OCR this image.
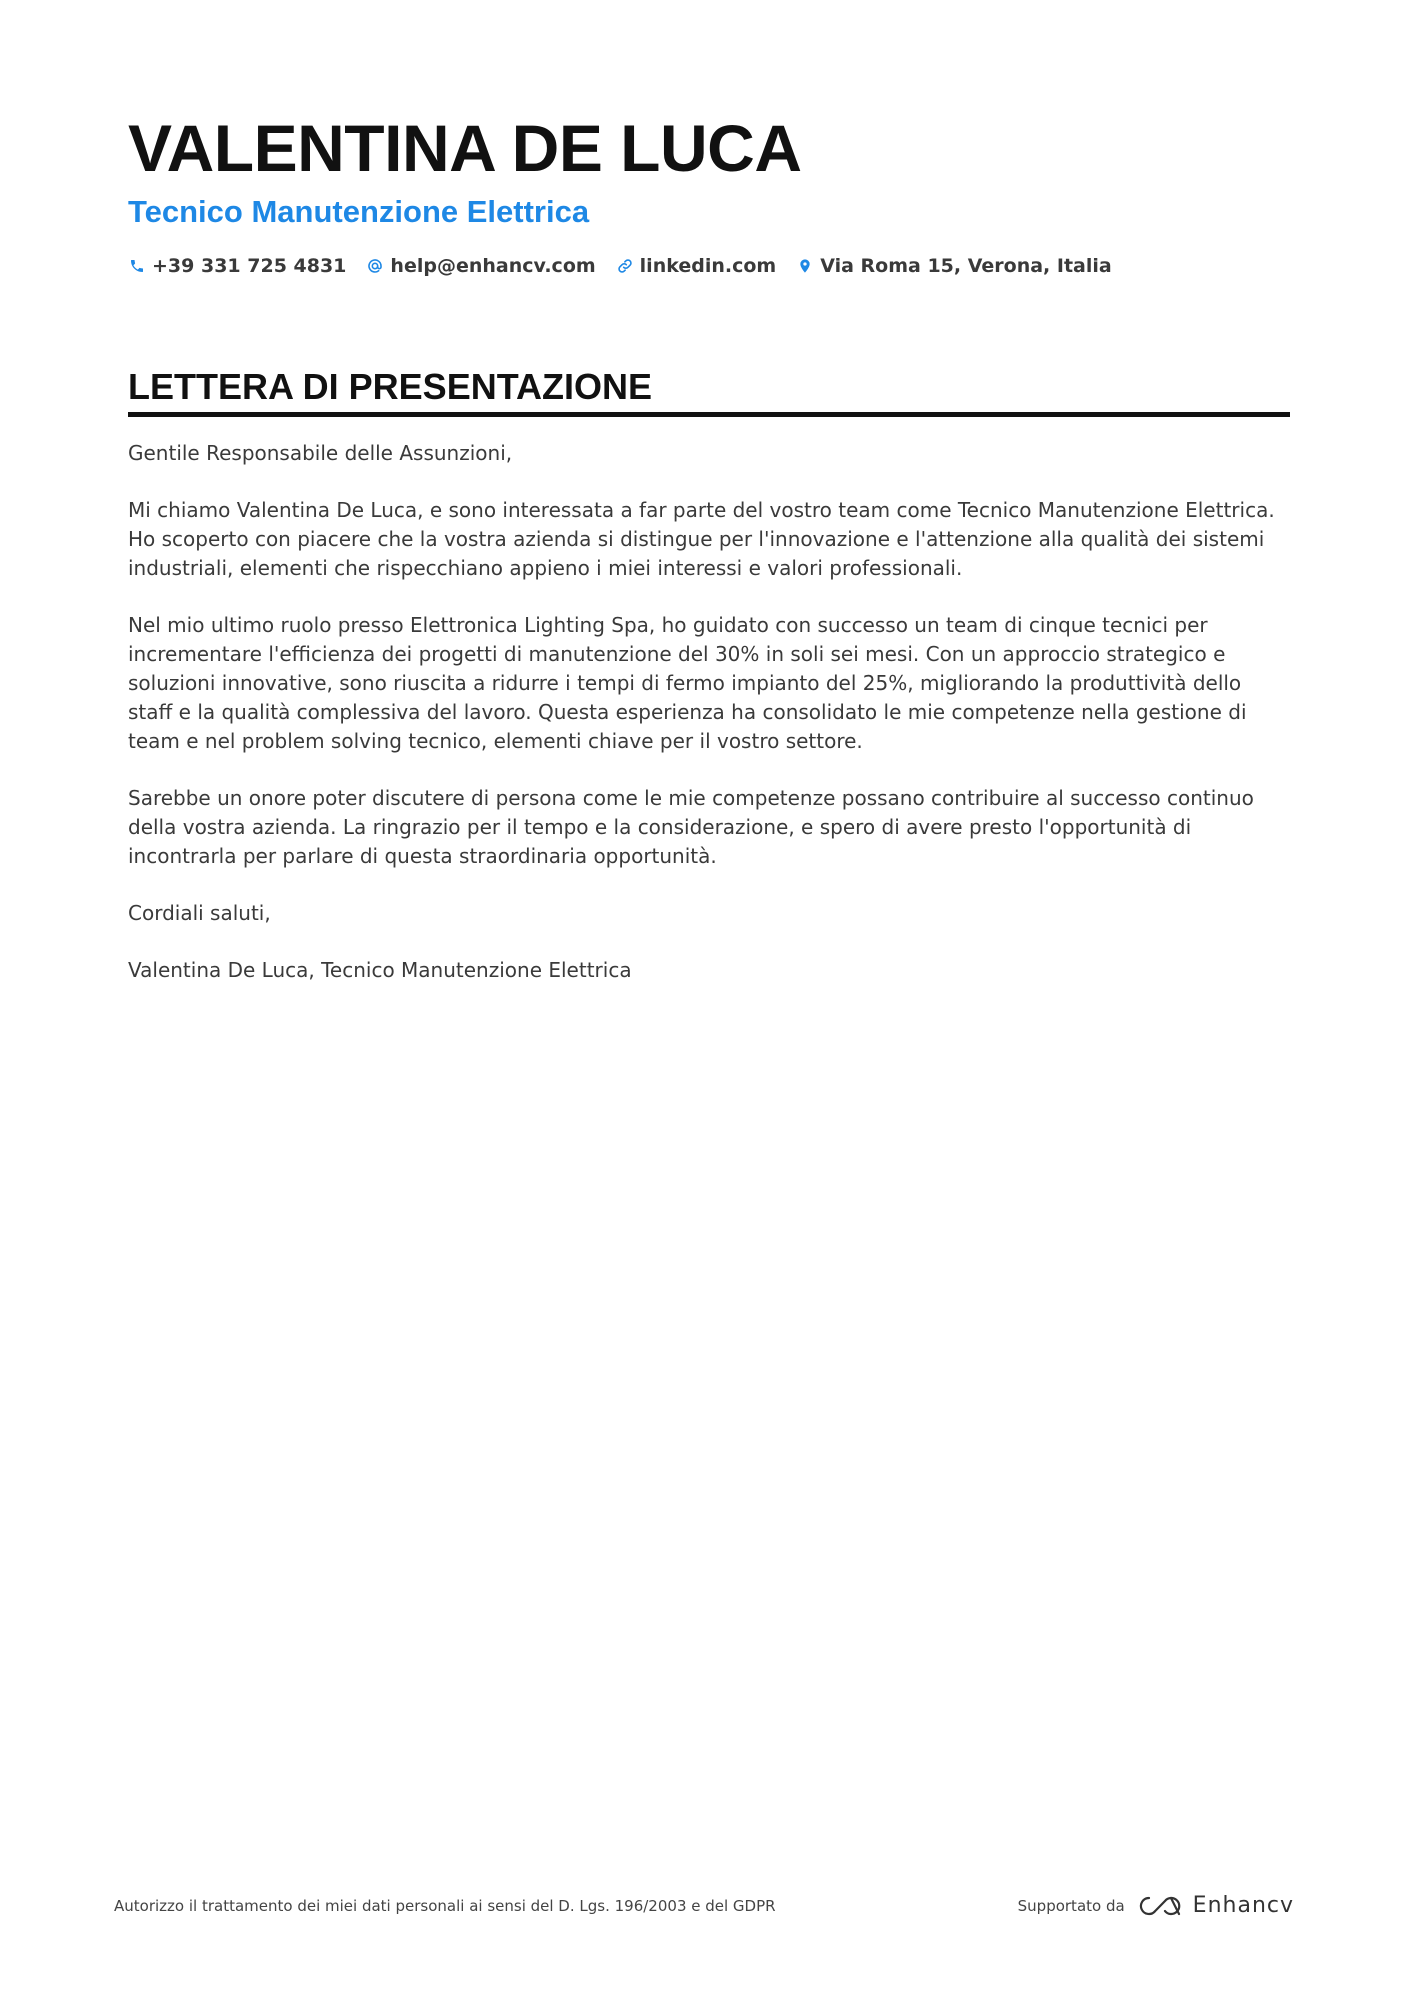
VALENTINA DE LUCA
Tecnico Manutenzione Elettrica
+39 331 725 4831 help@enhancv.com linkedin.com Via Roma 15, Verona, Italia
LETTERA DI PRESENTAZIONE

Gentile Responsabile delle Assunzioni,

Mi chiamo Valentina De Luca, e sono interessata a far parte del vostro team come Tecnico Manutenzione Elettrica. Ho scoperto con piacere che la vostra azienda si distingue per l'innovazione e l'attenzione alla qualità dei sistemi industriali, elementi che rispecchiano appieno i miei interessi e valori professionali.

Nel mio ultimo ruolo presso Elettronica Lighting Spa, ho guidato con successo un team di cinque tecnici per incrementare l'efficienza dei progetti di manutenzione del 30% in soli sei mesi. Con un approccio strategico e soluzioni innovative, sono riuscita a ridurre i tempi di fermo impianto del 25%, migliorando la produttività dello staff e la qualità complessiva del lavoro. Questa esperienza ha consolidato le mie competenze nella gestione di team e nel problem solving tecnico, elementi chiave per il vostro settore.

Sarebbe un onore poter discutere di persona come le mie competenze possano contribuire al successo continuo della vostra azienda. La ringrazio per il tempo e la considerazione, e spero di avere presto l'opportunità di incontrarla per parlare di questa straordinaria opportunità.

Cordiali saluti,

Valentina De Luca, Tecnico Manutenzione Elettrica

Autorizzo il trattamento dei miei dati personali ai sensi del D. Lgs. 196/2003 e del GDPR	Supportato da	Enhancv
